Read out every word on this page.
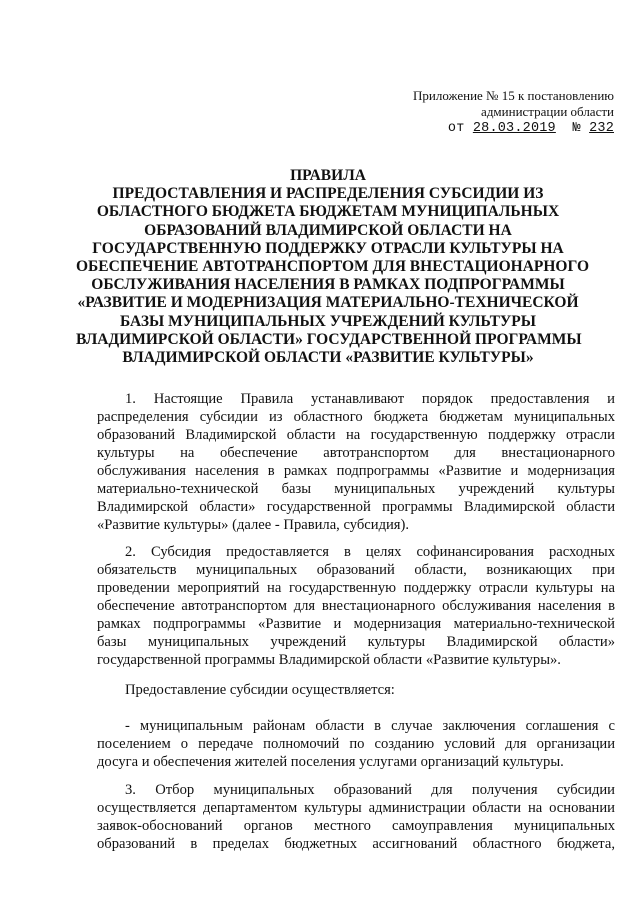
Приложение № 15 к постановлению
администрации области
от 28.03.2019 № 232
ПРАВИЛА
ПРЕДОСТАВЛЕНИЯ И РАСПРЕДЕЛЕНИЯ СУБСИДИИ ИЗ
ОБЛАСТНОГО БЮДЖЕТА БЮДЖЕТАМ МУНИЦИПАЛЬНЫХ
ОБРАЗОВАНИЙ ВЛАДИМИРСКОЙ ОБЛАСТИ НА
ГОСУДАРСТВЕННУЮ ПОДДЕРЖКУ ОТРАСЛИ КУЛЬТУРЫ НА
ОБЕСПЕЧЕНИЕ АВТОТРАНСПОРТОМ ДЛЯ ВНЕСТАЦИОНАРНОГО
ОБСЛУЖИВАНИЯ НАСЕЛЕНИЯ В РАМКАХ ПОДПРОГРАММЫ
«РАЗВИТИЕ И МОДЕРНИЗАЦИЯ МАТЕРИАЛЬНО-ТЕХНИЧЕСКОЙ
БАЗЫ МУНИЦИПАЛЬНЫХ УЧРЕЖДЕНИЙ КУЛЬТУРЫ
ВЛАДИМИРСКОЙ ОБЛАСТИ» ГОСУДАРСТВЕННОЙ ПРОГРАММЫ
ВЛАДИМИРСКОЙ ОБЛАСТИ «РАЗВИТИЕ КУЛЬТУРЫ»
1. Настоящие Правила устанавливают порядок предоставления и
распределения субсидии из областного бюджета бюджетам муниципальных
образований Владимирской области на государственную поддержку отрасли
культуры на обеспечение автотранспортом для внестационарного
обслуживания населения в рамках подпрограммы «Развитие и модернизация
материально-технической базы муниципальных учреждений культуры
Владимирской области» государственной программы Владимирской области
«Развитие культуры» (далее - Правила, субсидия).
2. Субсидия предоставляется в целях софинансирования расходных
обязательств муниципальных образований области, возникающих при
проведении мероприятий на государственную поддержку отрасли культуры на
обеспечение автотранспортом для внестационарного обслуживания населения в
рамках подпрограммы «Развитие и модернизация материально-технической
базы муниципальных учреждений культуры Владимирской области»
государственной программы Владимирской области «Развитие культуры».
Предоставление субсидии осуществляется:
- муниципальным районам области в случае заключения соглашения с
поселением о передаче полномочий по созданию условий для организации
досуга и обеспечения жителей поселения услугами организаций культуры.
3. Отбор муниципальных образований для получения субсидии
осуществляется департаментом культуры администрации области на основании
заявок-обоснований органов местного самоуправления муниципальных
образований в пределах бюджетных ассигнований областного бюджета,
